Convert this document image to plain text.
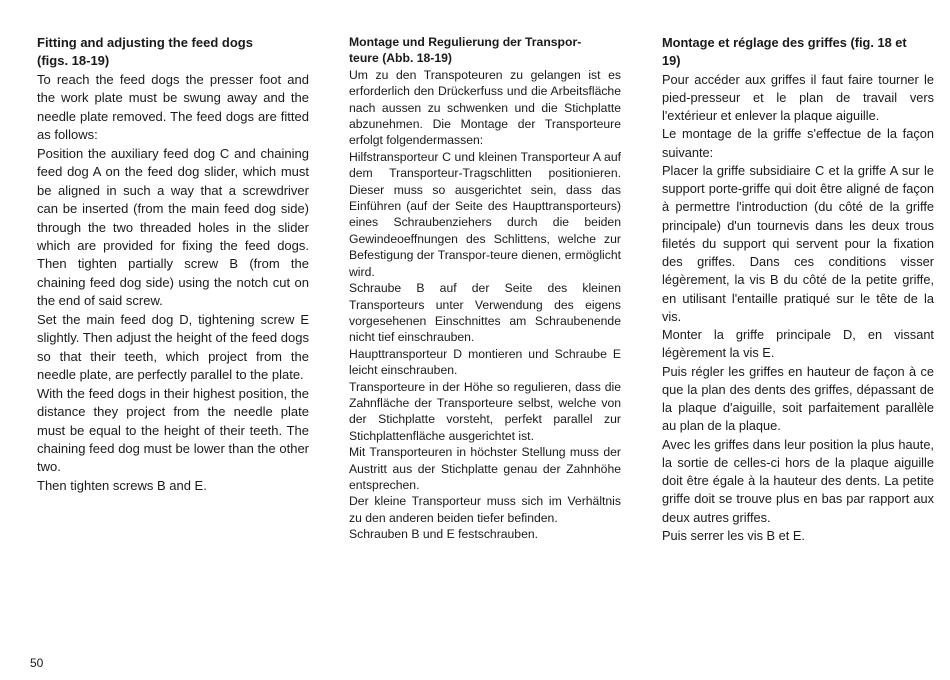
Fitting and adjusting the feed dogs
(figs. 18-19)

To reach the feed dogs the presser foot and the work plate must be swung away and the needle plate removed. The feed dogs are fitted as follows:

Position the auxiliary feed dog C and chaining feed dog A on the feed dog slider, which must be aligned in such a way that a screwdriver can be inserted (from the main feed dog side) through the two threaded holes in the slider which are provided for fixing the feed dogs. Then tighten partially screw B (from the chaining feed dog side) using the notch cut on the end of said screw.

Set the main feed dog D, tightening screw E slightly. Then adjust the height of the feed dogs so that their teeth, which project from the needle plate, are perfectly parallel to the plate.

With the feed dogs in their highest position, the distance they project from the needle plate must be equal to the height of their teeth. The chaining feed dog must be lower than the other two.

Then tighten screws B and E.

Montage und Regulierung der Transpor-
teure (Abb. 18-19)

Um zu den Transpoteuren zu gelangen ist es erforderlich den Drückerfuss und die Arbeitsfläche nach aussen zu schwenken und die Stichplatte abzunehmen. Die Montage der Transporteure erfolgt folgendermassen:

Hilfstransporteur C und kleinen Transporteur A auf dem Transporteur-Tragschlitten positionieren. Dieser muss so ausgerichtet sein, dass das Einführen (auf der Seite des Haupttransporteurs) eines Schraubenziehers durch die beiden Gewindeoeffnungen des Schlittens, welche zur Befestigung der Transpor-teure dienen, ermöglicht wird.

Schraube B auf der Seite des kleinen Transporteurs unter Verwendung des eigens vorgesehenen Einschnittes am Schraubenende nicht tief einschrauben.

Haupttransporteur D montieren und Schraube E leicht einschrauben.

Transporteure in der Höhe so regulieren, dass die Zahnfläche der Transporteure selbst, welche von der Stichplatte vorsteht, perfekt parallel zur Stichplattenfläche ausgerichtet ist.

Mit Transporteuren in höchster Stellung muss der Austritt aus der Stichplatte genau der Zahnhöhe entsprechen.

Der kleine Transporteur muss sich im Verhältnis zu den anderen beiden tiefer befinden.

Schrauben B und E festschrauben.

Montage et réglage des griffes (fig. 18 et
19)

Pour accéder aux griffes il faut faire tourner le pied-presseur et le plan de travail vers l'extérieur et enlever la plaque aiguille.

Le montage de la griffe s'effectue de la façon suivante:

Placer la griffe subsidiaire C et la griffe A sur le support porte-griffe qui doit être aligné de façon à permettre l'introduction (du côté de la griffe principale) d'un tournevis dans les deux trous filetés du support qui servent pour la fixation des griffes. Dans ces conditions visser légèrement, la vis B du côté de la petite griffe, en utilisant l'entaille pratiqué sur le tête de la vis.

Monter la griffe principale D, en vissant légèrement la vis E.

Puis régler les griffes en hauteur de façon à ce que la plan des dents des griffes, dépassant de la plaque d'aiguille, soit parfaitement parallèle au plan de la plaque.

Avec les griffes dans leur position la plus haute, la sortie de celles-ci hors de la plaque aiguille doit être égale à la hauteur des dents. La petite griffe doit se trouve plus en bas par rapport aux deux autres griffes.

Puis serrer les vis B et E.

50
